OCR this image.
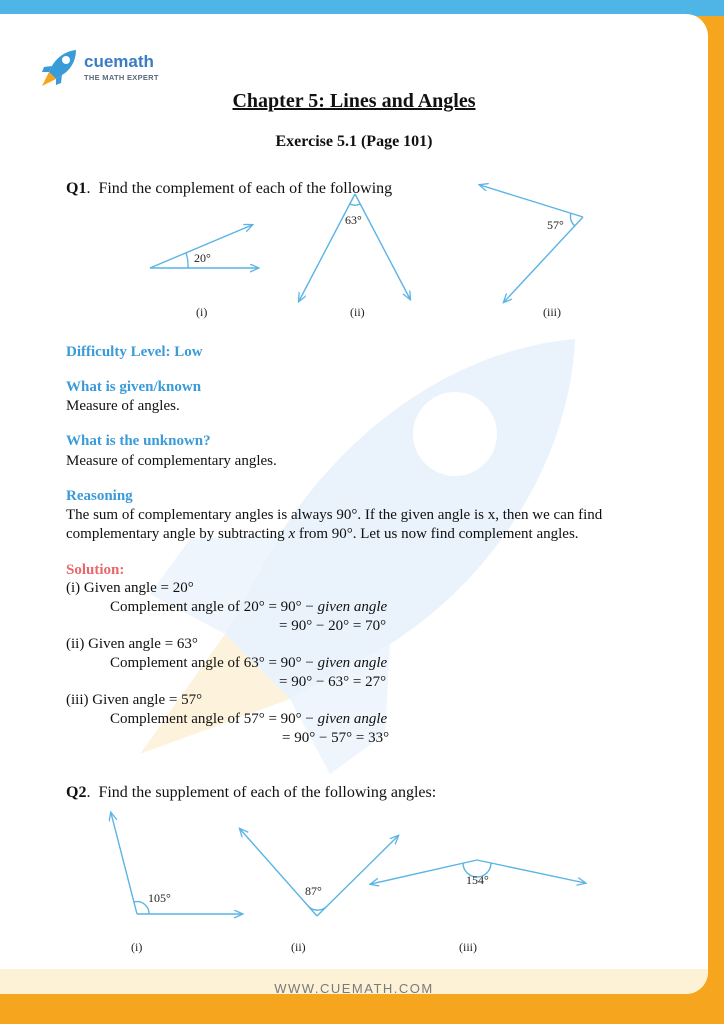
WWW.CUEMATH.COM
cuemath
THE MATH EXPERT
Chapter 5: Lines and Angles
Exercise 5.1 (Page 101)
Q1.  Find the complement of each of the following
20°
(i)
63°
(ii)
57°
(iii)
Difficulty Level: Low
What is given/known
Measure of angles.
What is the unknown?
Measure of complementary angles.
Reasoning
The sum of complementary angles is always 90°. If the given angle is x, then we can find
complementary angle by subtracting x from 90°. Let us now find complement angles.
Solution:
(i) Given angle = 20°
Complement angle of 20° = 90° − given angle
= 90° − 20° = 70°
(ii) Given angle = 63°
Complement angle of 63° = 90° − given angle
= 90° − 63° = 27°
(iii) Given angle = 57°
Complement angle of 57° = 90° − given angle
= 90° − 57° = 33°
Q2.  Find the supplement of each of the following angles:
105°
(i)
87°
(ii)
154°
(iii)
